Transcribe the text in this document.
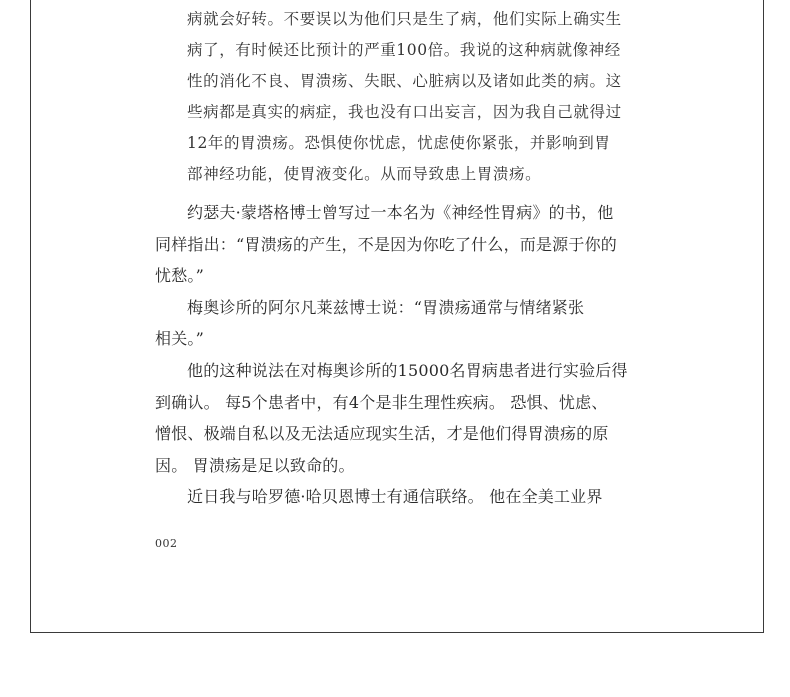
病就会好转。不要误以为他们只是生了病，他们实际上确实生
病了，有时候还比预计的严重100倍。我说的这种病就像神经
性的消化不良、胃溃疡、失眠、心脏病以及诸如此类的病。这
些病都是真实的病症，我也没有口出妄言，因为我自己就得过
12年的胃溃疡。恐惧使你忧虑，忧虑使你紧张，并影响到胃
部神经功能，使胃液变化。从而导致患上胃溃疡。
约瑟夫·蒙塔格博士曾写过一本名为《神经性胃病》的书，他
同样指出：“胃溃疡的产生，不是因为你吃了什么，而是源于你的
忧愁。”
梅奥诊所的阿尔凡莱兹博士说：“胃溃疡通常与情绪紧张
相关。”
他的这种说法在对梅奥诊所的15000名胃病患者进行实验后得
到确认。 每5个患者中，有4个是非生理性疾病。 恐惧、忧虑、
憎恨、极端自私以及无法适应现实生活，才是他们得胃溃疡的原
因。 胃溃疡是足以致命的。
近日我与哈罗德·哈贝恩博士有通信联络。 他在全美工业界
002
